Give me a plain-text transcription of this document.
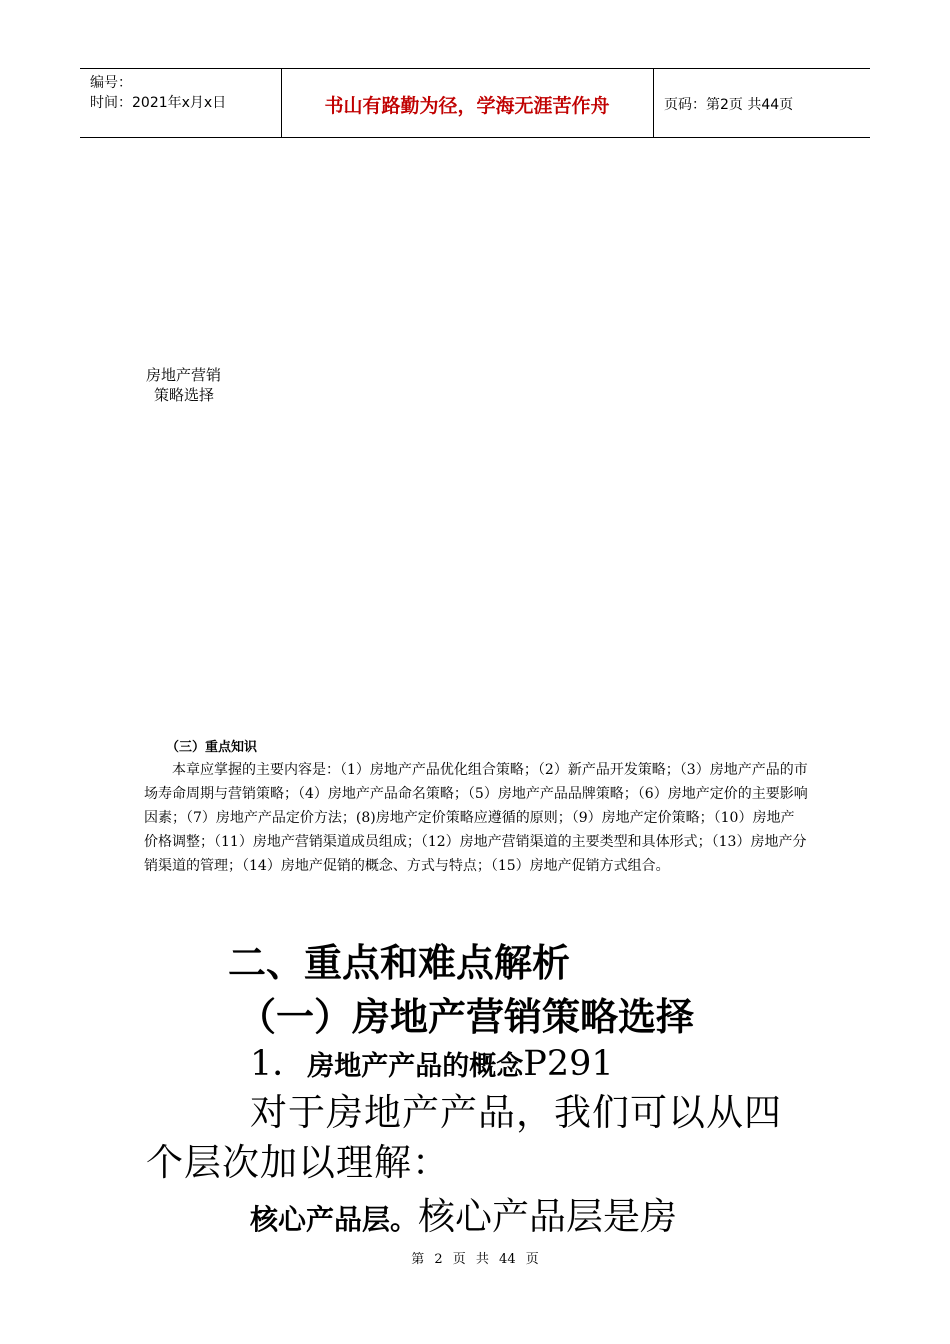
编号：
时间：2021年x月x日	书山有路勤为径，学海无涯苦作舟	页码：第2页 共44页
房地产营销
策略选择
（三）重点知识
本章应掌握的主要内容是：（1）房地产产品优化组合策略；（2）新产品开发策略；（3）房地产产品的市场寿命周期与营销策略；（4）房地产产品命名策略；（5）房地产产品品牌策略；（6）房地产定价的主要影响因素；（7）房地产产品定价方法；(8)房地产定价策略应遵循的原则；（9）房地产定价策略；（10）房地产价格调整；（11）房地产营销渠道成员组成；（12）房地产营销渠道的主要类型和具体形式；（13）房地产分销渠道的管理；（14）房地产促销的概念、方式与特点；（15）房地产促销方式组合。
二、重点和难点解析
（一）房地产营销策略选择
1．房地产产品的概念P291
对于房地产产品，我们可以从四个层次加以理解：
核心产品层。核心产品层是房
第 2 页 共 44 页
